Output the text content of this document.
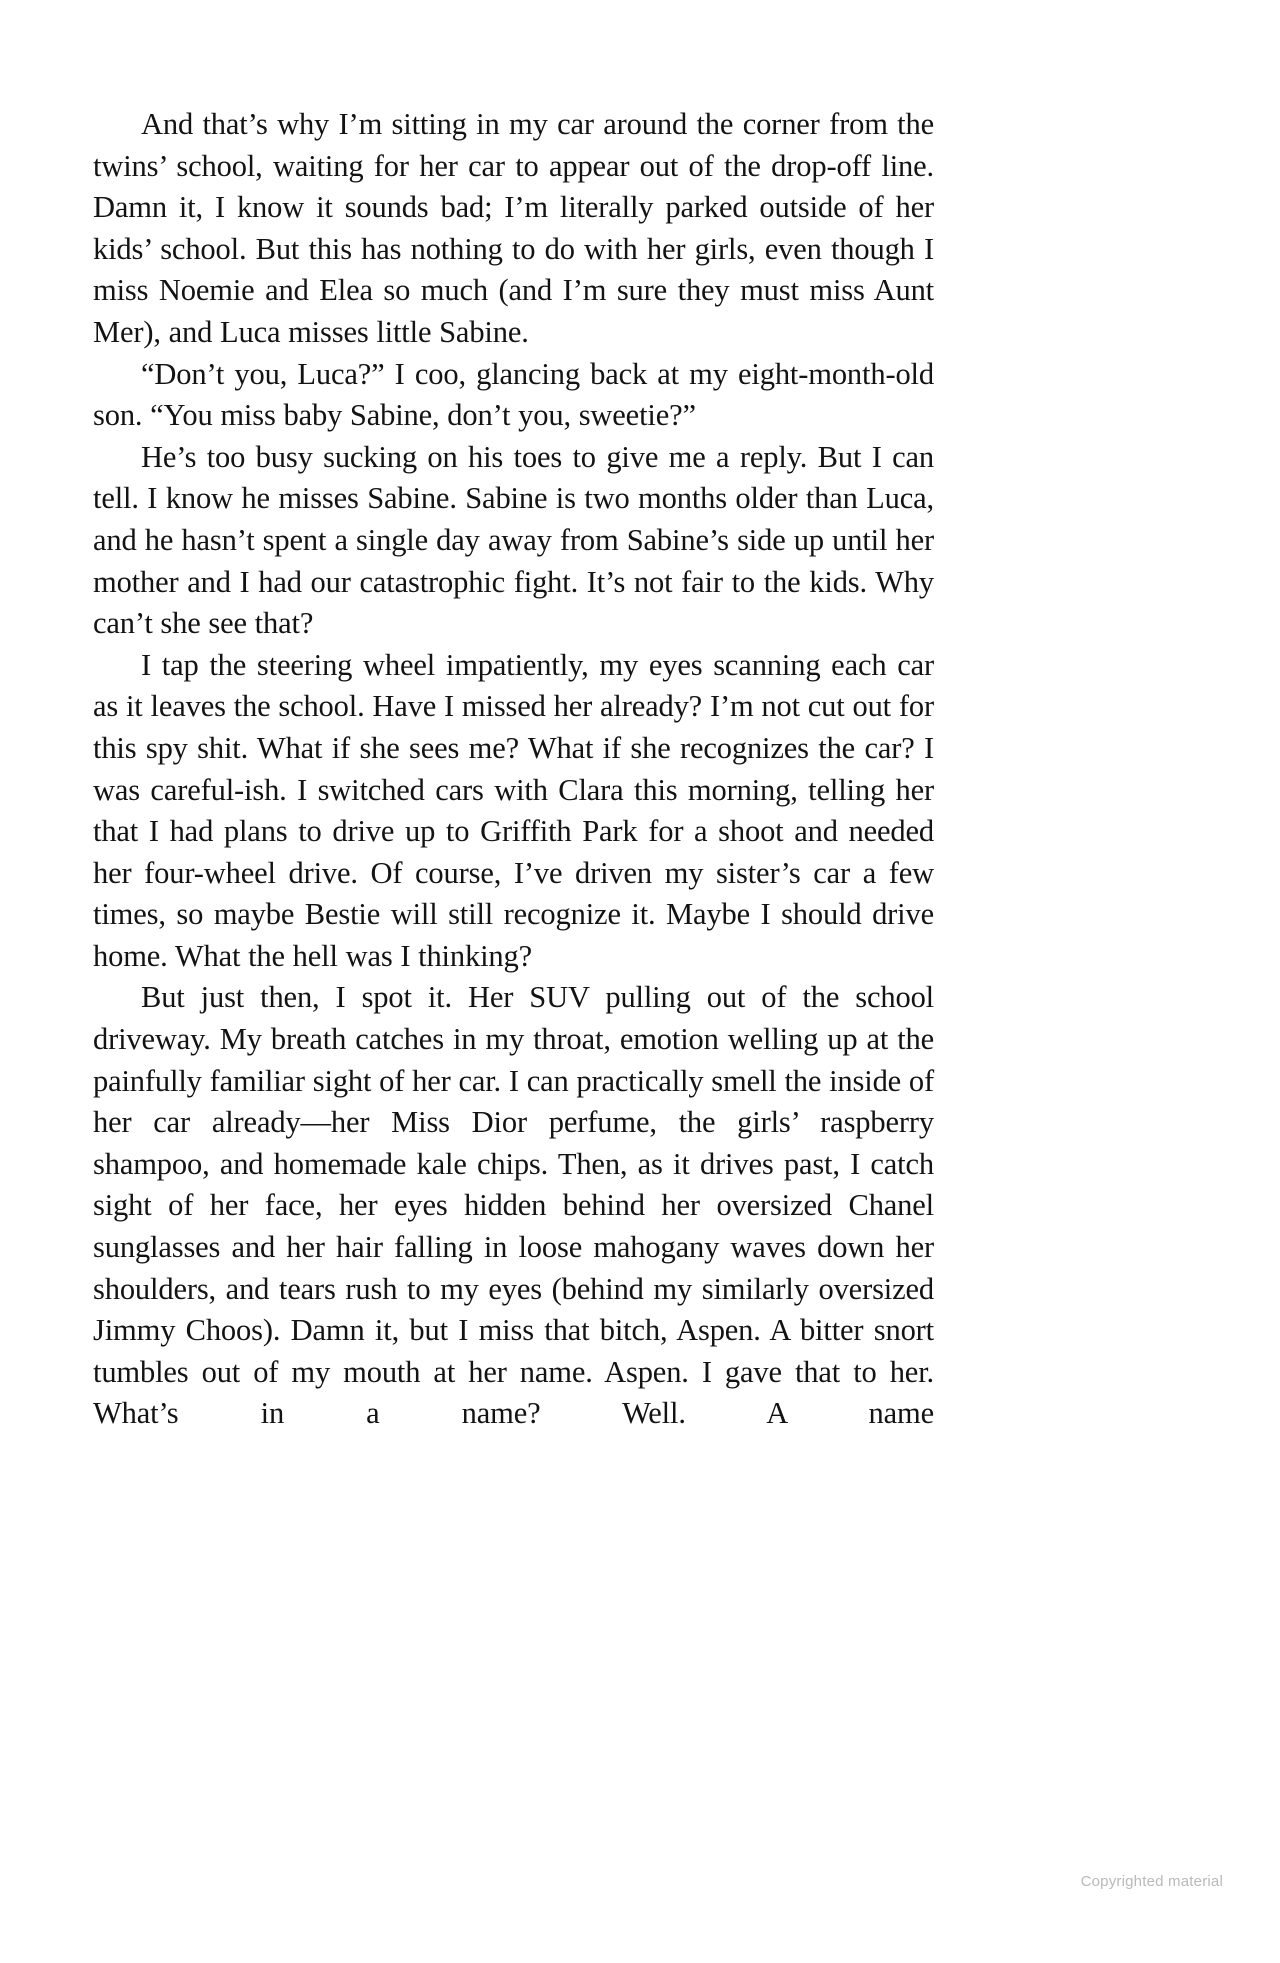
And that’s why I’m sitting in my car around the corner from the twins’ school, waiting for her car to appear out of the drop-off line. Damn it, I know it sounds bad; I’m literally parked outside of her kids’ school. But this has nothing to do with her girls, even though I miss Noemie and Elea so much (and I’m sure they must miss Aunt Mer), and Luca misses little Sabine.

“Don’t you, Luca?” I coo, glancing back at my eight-month-old son. “You miss baby Sabine, don’t you, sweetie?”

He’s too busy sucking on his toes to give me a reply. But I can tell. I know he misses Sabine. Sabine is two months older than Luca, and he hasn’t spent a single day away from Sabine’s side up until her mother and I had our catastrophic fight. It’s not fair to the kids. Why can’t she see that?

I tap the steering wheel impatiently, my eyes scanning each car as it leaves the school. Have I missed her already? I’m not cut out for this spy shit. What if she sees me? What if she recognizes the car? I was careful-ish. I switched cars with Clara this morning, telling her that I had plans to drive up to Griffith Park for a shoot and needed her four-wheel drive. Of course, I’ve driven my sister’s car a few times, so maybe Bestie will still recognize it. Maybe I should drive home. What the hell was I thinking?

But just then, I spot it. Her SUV pulling out of the school driveway. My breath catches in my throat, emotion welling up at the painfully familiar sight of her car. I can practically smell the inside of her car already—her Miss Dior perfume, the girls’ raspberry shampoo, and homemade kale chips. Then, as it drives past, I catch sight of her face, her eyes hidden behind her oversized Chanel sunglasses and her hair falling in loose mahogany waves down her shoulders, and tears rush to my eyes (behind my similarly oversized Jimmy Choos). Damn it, but I miss that bitch, Aspen. A bitter snort tumbles out of my mouth at her name. Aspen. I gave that to her. What’s in a name? Well. A name

Copyrighted material
